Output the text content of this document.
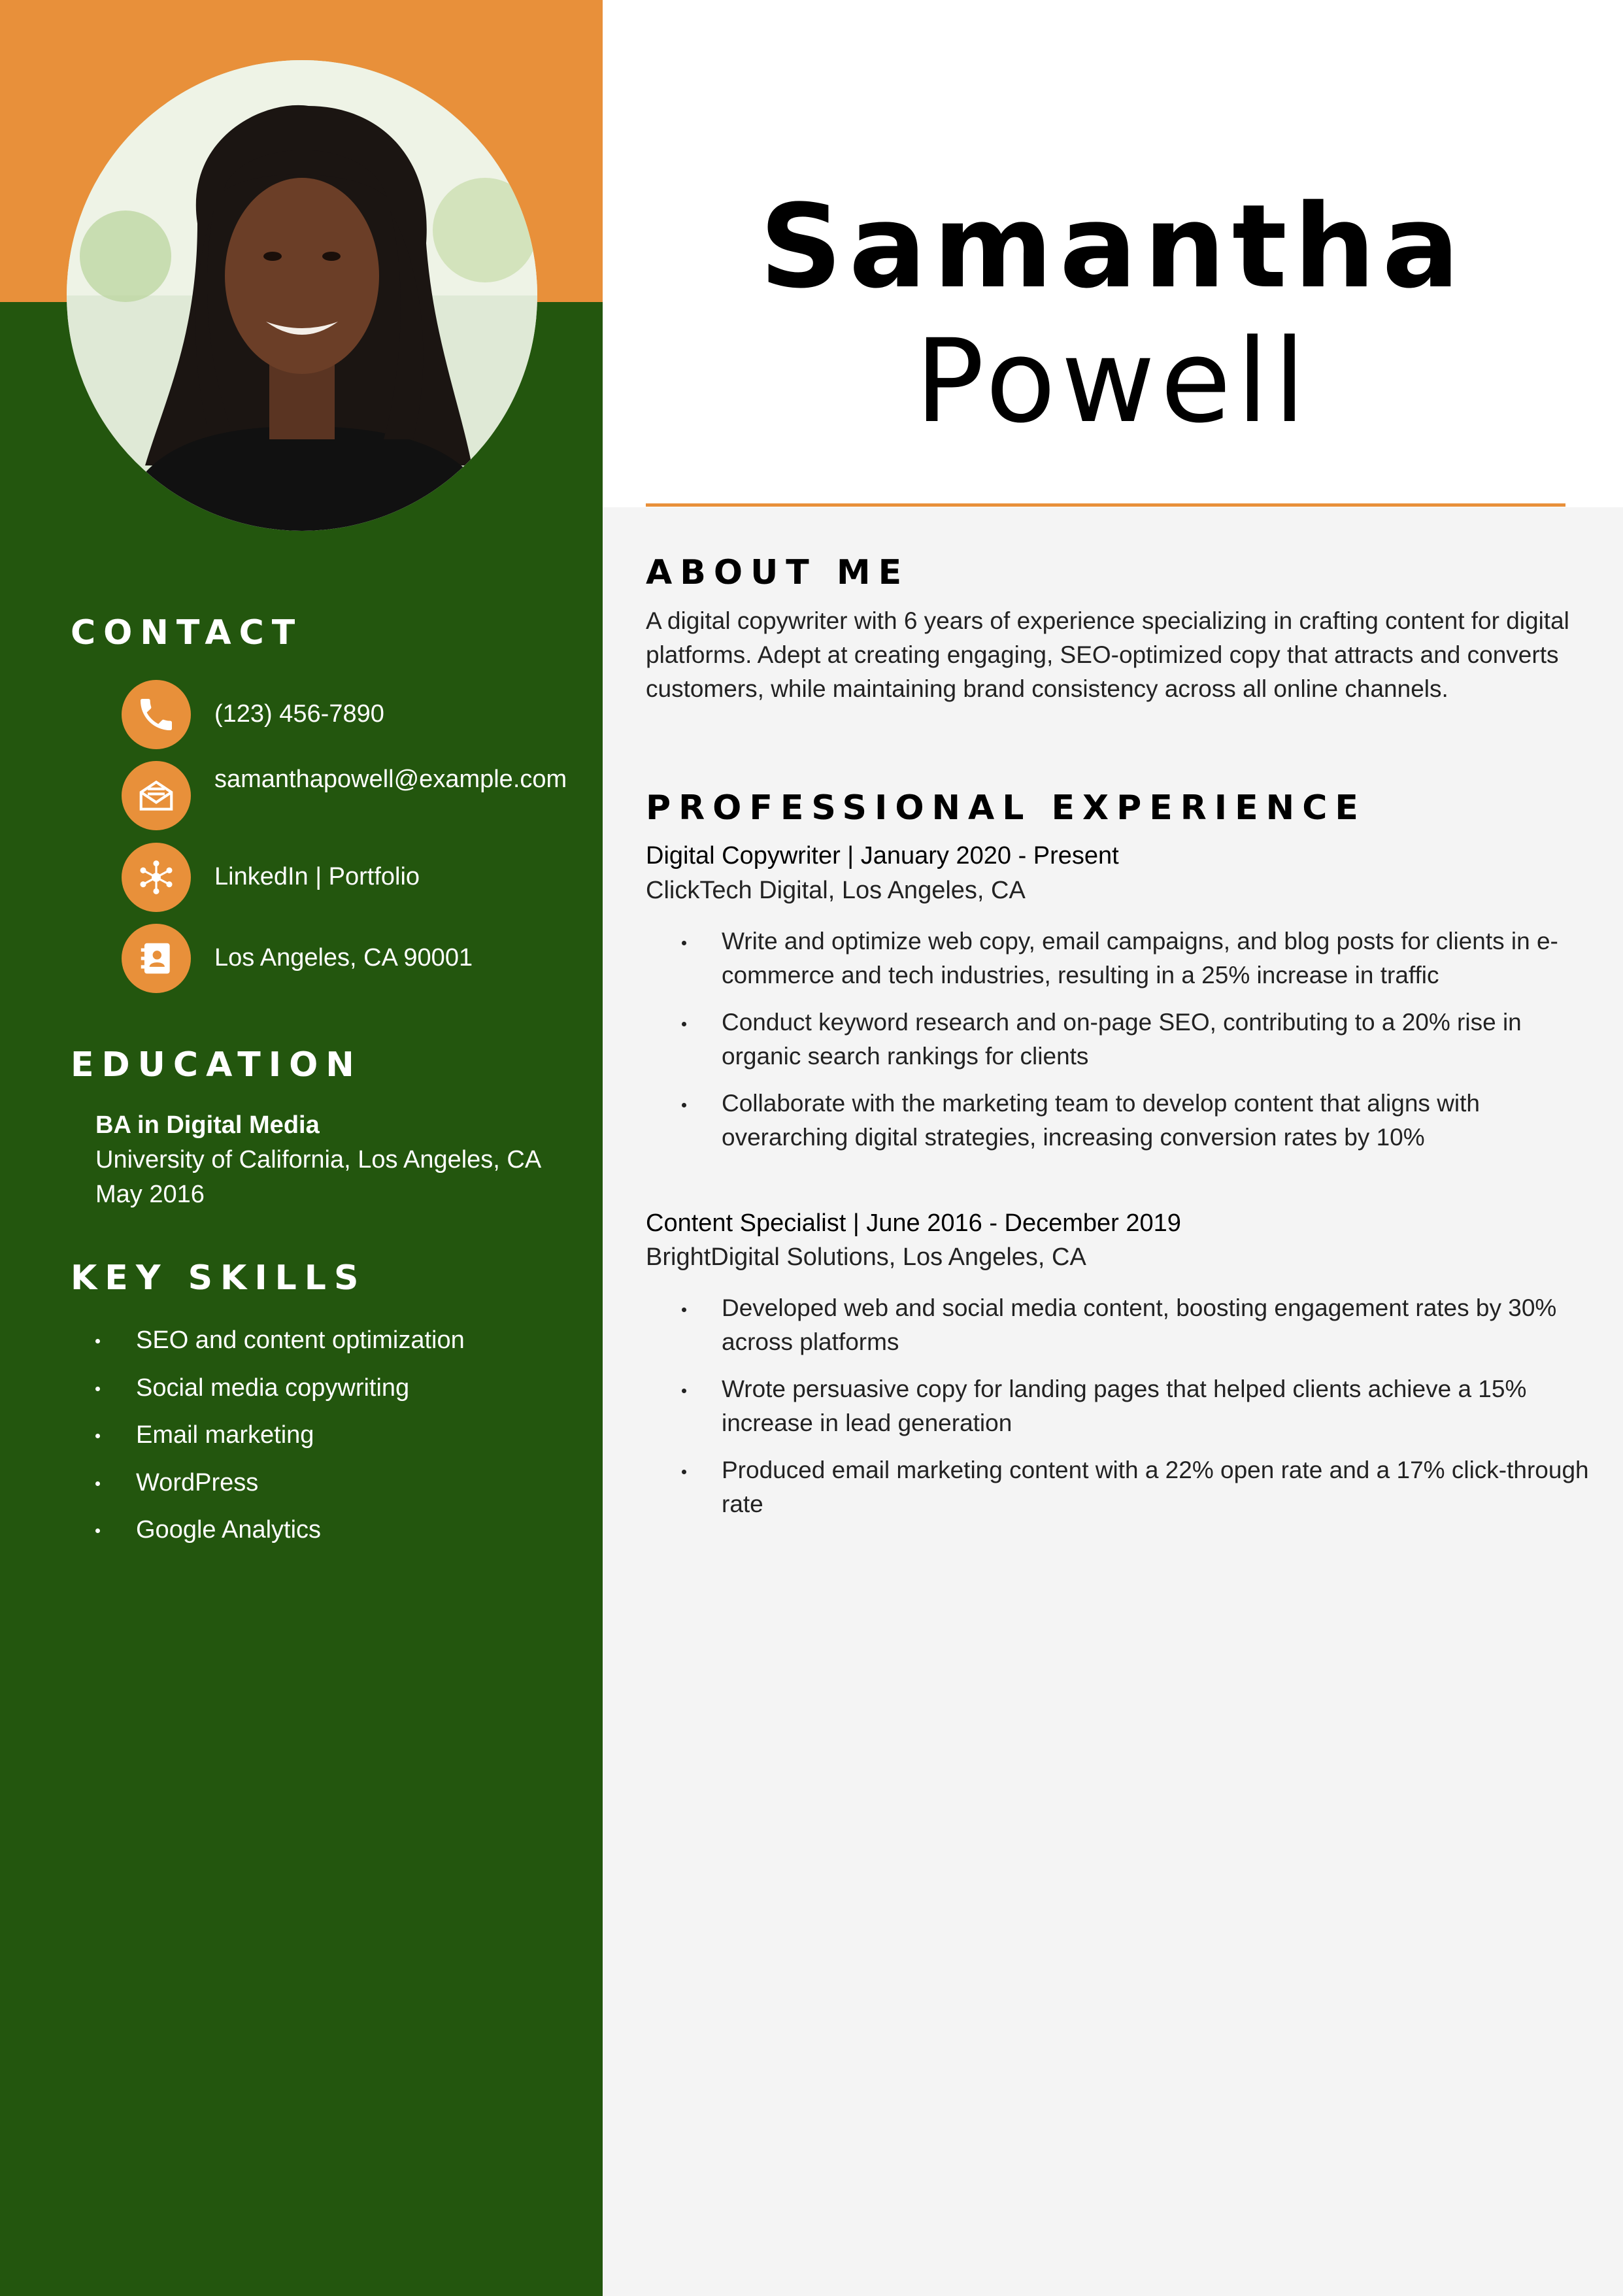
Samantha
Powell
CONTACT
(123) 456-7890
samanthapowell@example.com
LinkedIn | Portfolio
Los Angeles, CA 90001
EDUCATION
BA in Digital Media
University of California, Los Angeles, CA
May 2016
KEY SKILLS
SEO and content optimization
Social media copywriting
Email marketing
WordPress
Google Analytics
ABOUT ME
A digital copywriter with 6 years of experience specializing in crafting content for digital platforms. Adept at creating engaging, SEO-optimized copy that attracts and converts customers, while maintaining brand consistency across all online channels.
PROFESSIONAL EXPERIENCE
Digital Copywriter | January 2020 - Present
ClickTech Digital, Los Angeles, CA
Write and optimize web copy, email campaigns, and blog posts for clients in e-commerce and tech industries, resulting in a 25% increase in traffic
Conduct keyword research and on-page SEO, contributing to a 20% rise in organic search rankings for clients
Collaborate with the marketing team to develop content that aligns with overarching digital strategies, increasing conversion rates by 10%
Content Specialist | June 2016 - December 2019
BrightDigital Solutions, Los Angeles, CA
Developed web and social media content, boosting engagement rates by 30% across platforms
Wrote persuasive copy for landing pages that helped clients achieve a 15% increase in lead generation
Produced email marketing content with a 22% open rate and a 17% click-through rate
